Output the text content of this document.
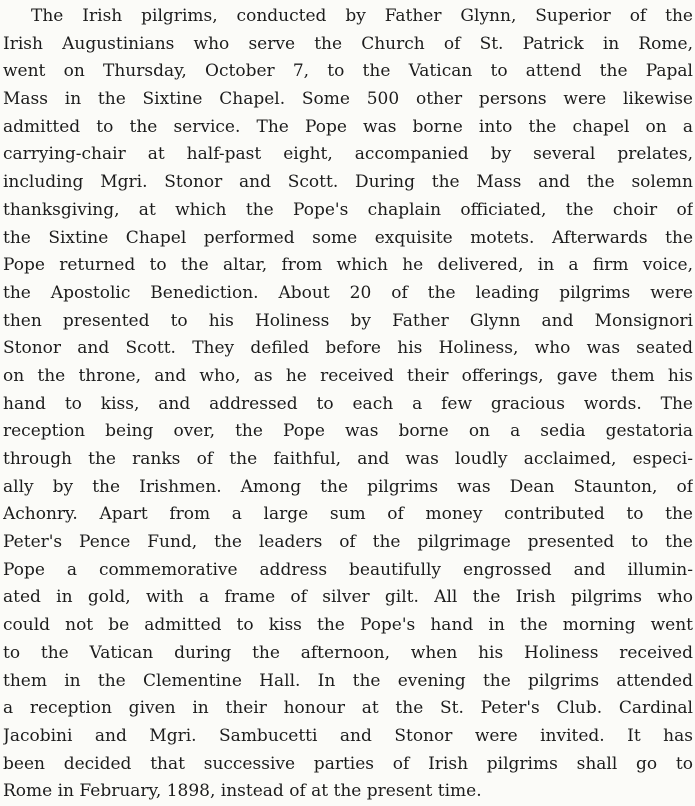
The Irish pilgrims, conducted by Father Glynn, Superior of the
Irish Augustinians who serve the Church of St. Patrick in Rome,
went on Thursday, October 7, to the Vatican to attend the Papal
Mass in the Sixtine Chapel. Some 500 other persons were likewise
admitted to the service. The Pope was borne into the chapel on a
carrying-chair at half-past eight, accompanied by several prelates,
including Mgri. Stonor and Scott. During the Mass and the solemn
thanksgiving, at which the Pope's chaplain officiated, the choir of
the Sixtine Chapel performed some exquisite motets. Afterwards the
Pope returned to the altar, from which he delivered, in a firm voice,
the Apostolic Benediction. About 20 of the leading pilgrims were
then presented to his Holiness by Father Glynn and Monsignori
Stonor and Scott. They defiled before his Holiness, who was seated
on the throne, and who, as he received their offerings, gave them his
hand to kiss, and addressed to each a few gracious words. The
reception being over, the Pope was borne on a sedia gestatoria
through the ranks of the faithful, and was loudly acclaimed, especi-
ally by the Irishmen. Among the pilgrims was Dean Staunton, of
Achonry. Apart from a large sum of money contributed to the
Peter's Pence Fund, the leaders of the pilgrimage presented to the
Pope a commemorative address beautifully engrossed and illumin-
ated in gold, with a frame of silver gilt. All the Irish pilgrims who
could not be admitted to kiss the Pope's hand in the morning went
to the Vatican during the afternoon, when his Holiness received
them in the Clementine Hall. In the evening the pilgrims attended
a reception given in their honour at the St. Peter's Club. Cardinal
Jacobini and Mgri. Sambucetti and Stonor were invited. It has
been decided that successive parties of Irish pilgrims shall go to
Rome in February, 1898, instead of at the present time.
